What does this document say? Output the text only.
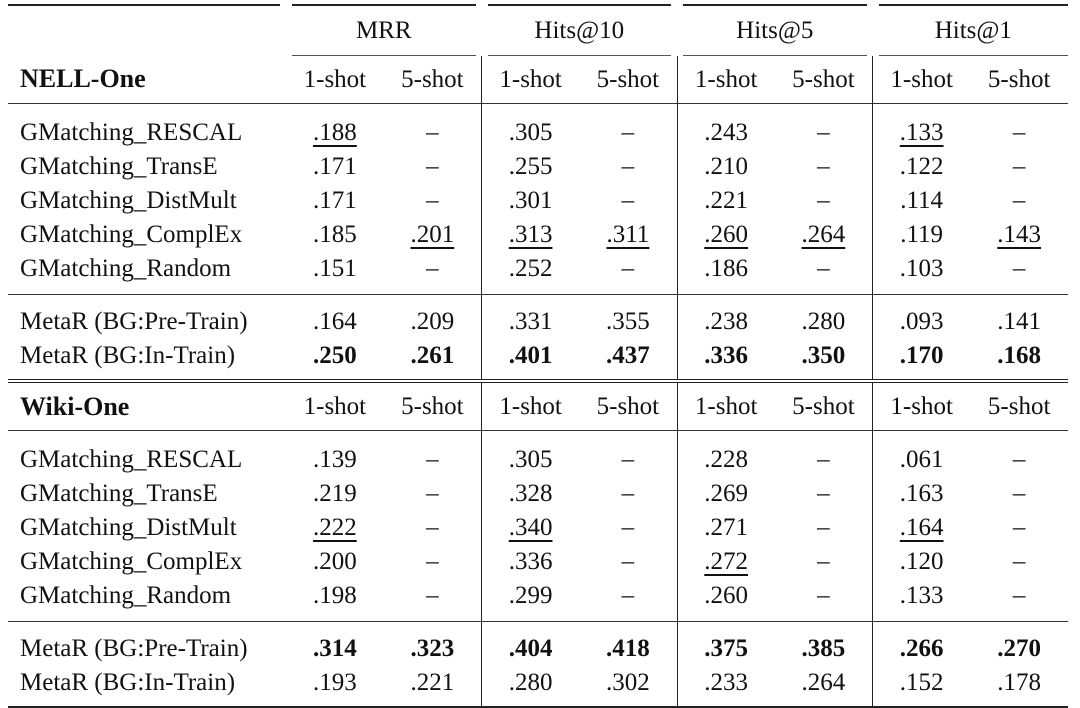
	MRR		Hits@10		Hits@5		Hits@1	
NELL-One	1-shot	5-shot	1-shot	5-shot	1-shot	5-shot	1-shot	5-shot
GMatching_RESCAL	.188	–	.305	–	.243	–	.133	–
GMatching_TransE	.171	–	.255	–	.210	–	.122	–
GMatching_DistMult	.171	–	.301	–	.221	–	.114	–
GMatching_ComplEx	.185	.201	.313	.311	.260	.264	.119	.143
GMatching_Random	.151	–	.252	–	.186	–	.103	–
MetaR (BG:Pre-Train)	.164	.209	.331	.355	.238	.280	.093	.141
MetaR (BG:In-Train)	.250	.261	.401	.437	.336	.350	.170	.168
Wiki-One	1-shot	5-shot	1-shot	5-shot	1-shot	5-shot	1-shot	5-shot
GMatching_RESCAL	.139	–	.305	–	.228	–	.061	–
GMatching_TransE	.219	–	.328	–	.269	–	.163	–
GMatching_DistMult	.222	–	.340	–	.271	–	.164	–
GMatching_ComplEx	.200	–	.336	–	.272	–	.120	–
GMatching_Random	.198	–	.299	–	.260	–	.133	–
MetaR (BG:Pre-Train)	.314	.323	.404	.418	.375	.385	.266	.270
MetaR (BG:In-Train)	.193	.221	.280	.302	.233	.264	.152	.178
